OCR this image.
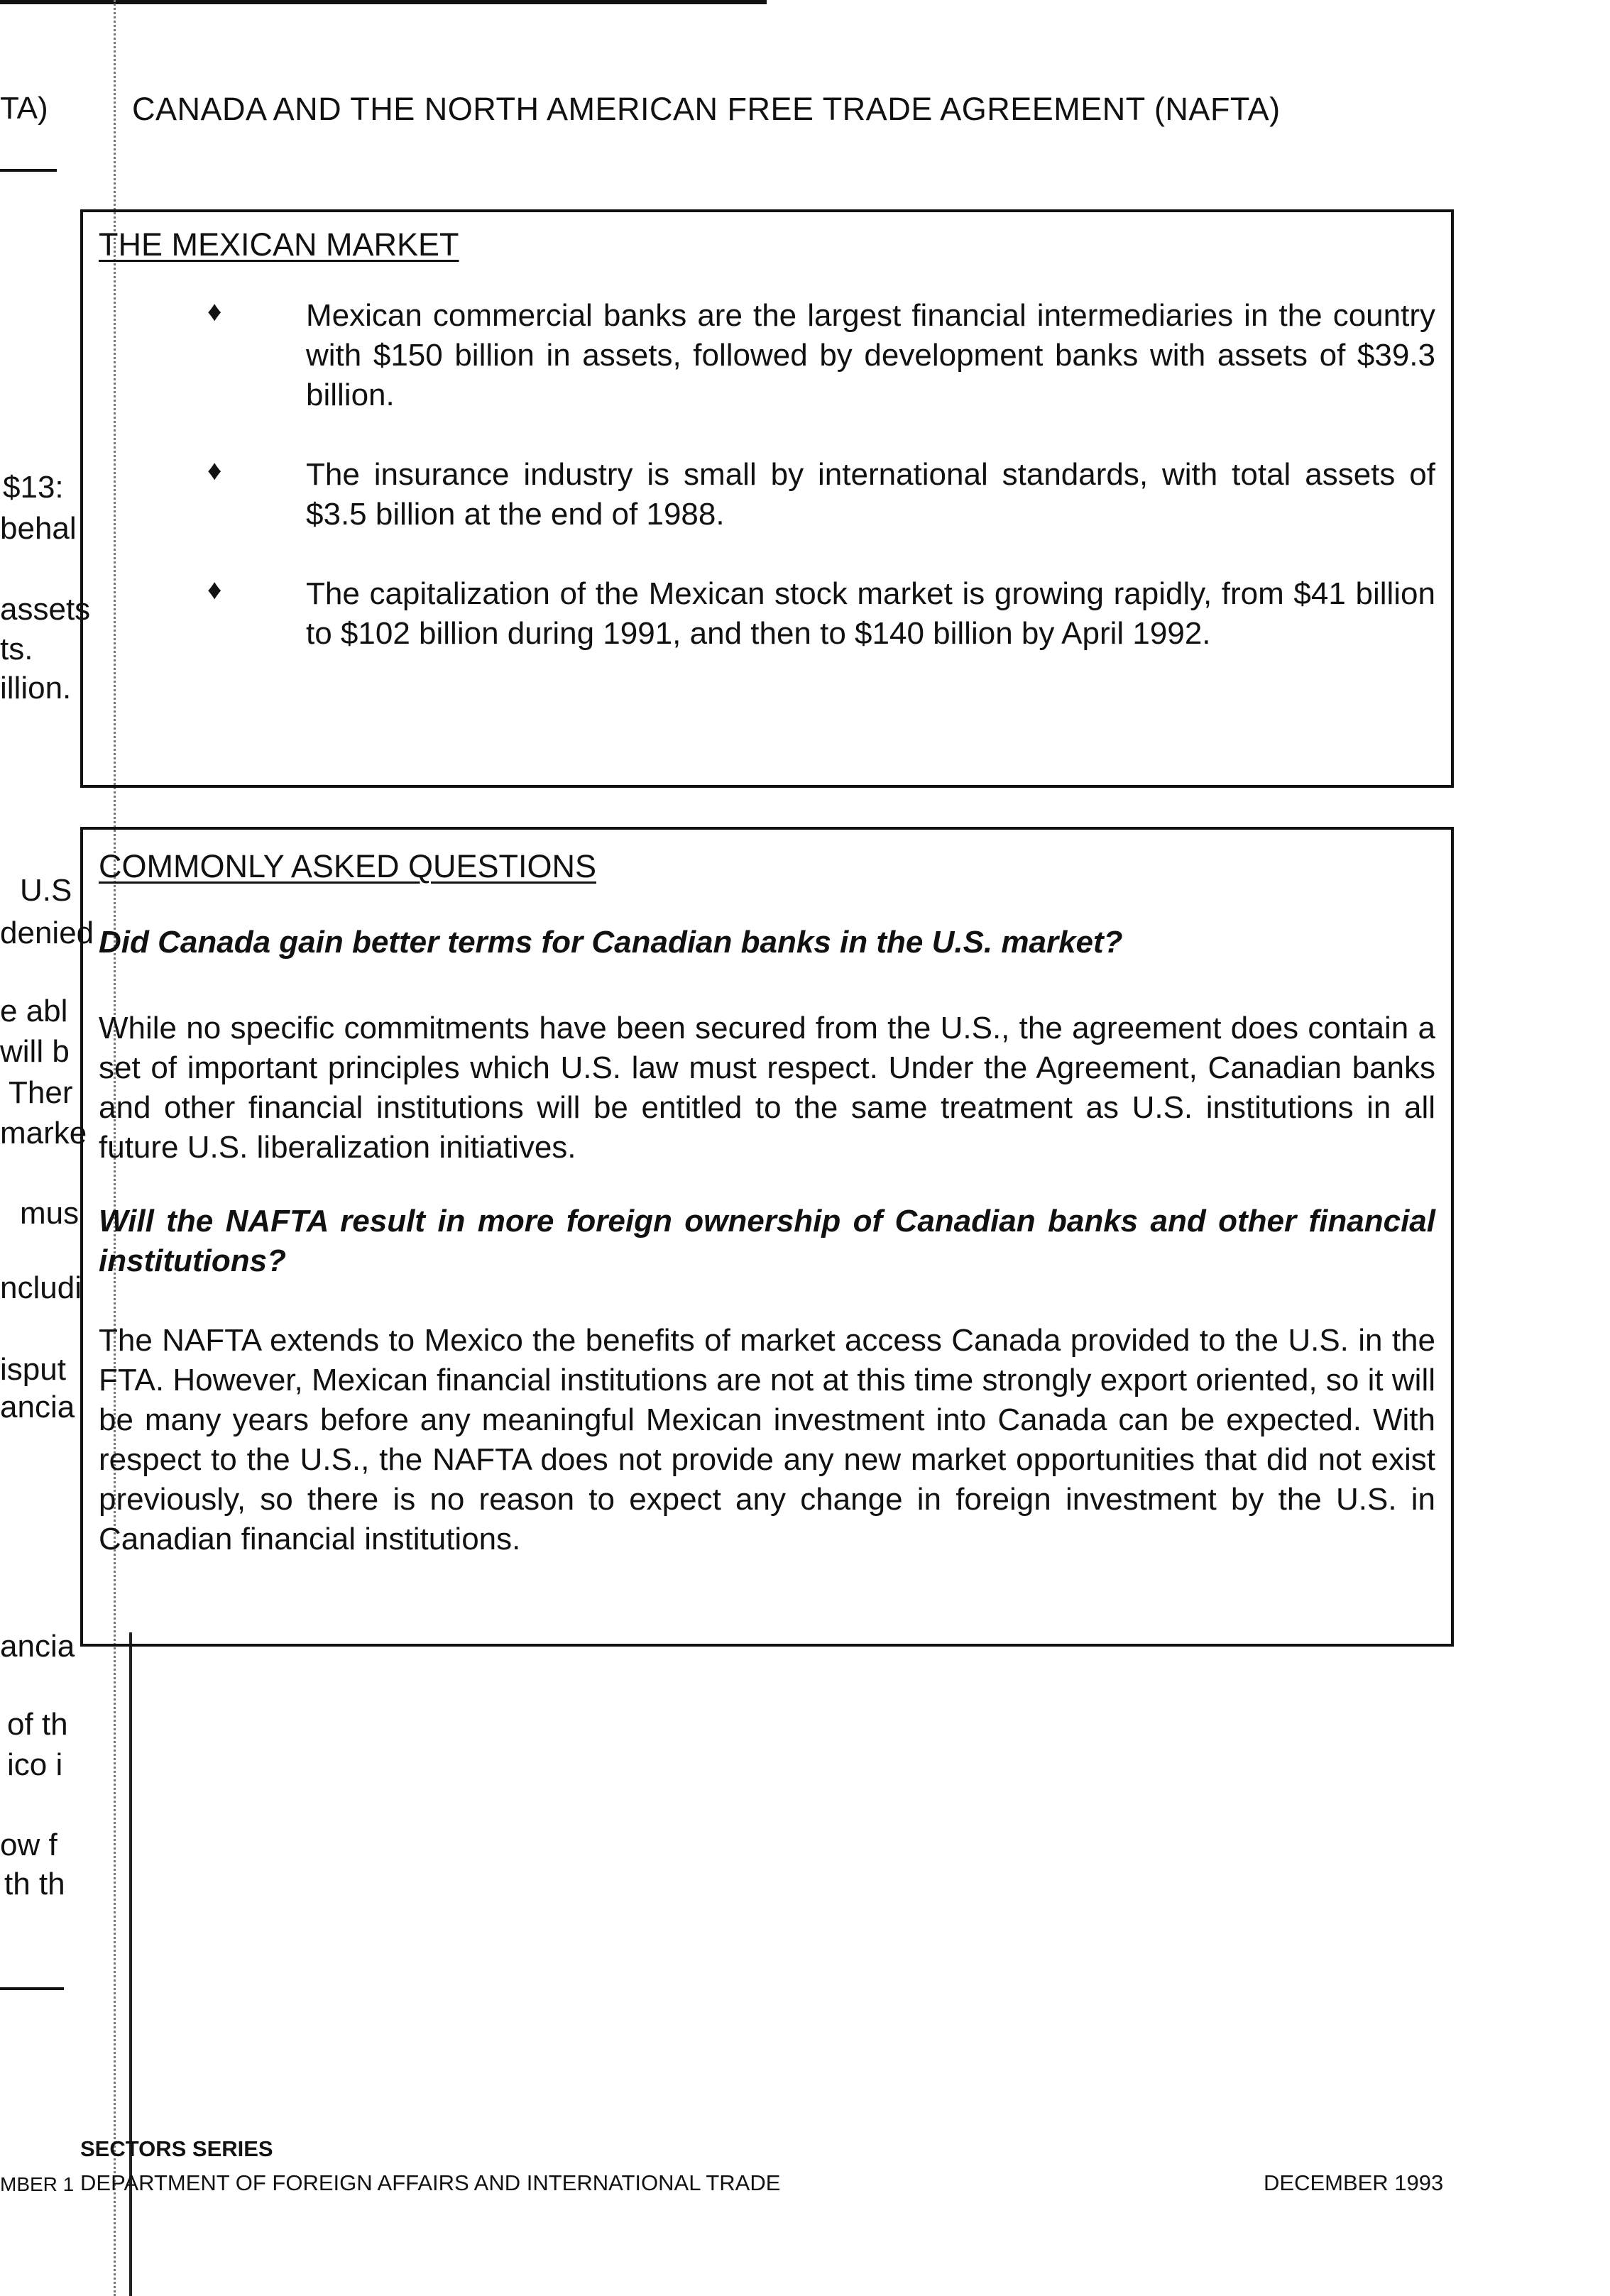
TA)
$13:
behal
assets
ts.
illion.
U.S
denied
e abl
will b
Ther
marke
mus
ncludi
isput
ancia
ancia
of th
ico i
ow f
th th
MBER 1
CANADA AND THE NORTH AMERICAN FREE TRADE AGREEMENT (NAFTA)
THE MEXICAN MARKET
♦	Mexican commercial banks are the largest financial intermediaries in the country with $150 billion in assets, followed by development banks with assets of $39.3 billion.
♦	The insurance industry is small by international standards, with total assets of $3.5 billion at the end of 1988.
♦	The capitalization of the Mexican stock market is growing rapidly, from $41 billion to $102 billion during 1991, and then to $140 billion by April 1992.
COMMONLY ASKED QUESTIONS
Did Canada gain better terms for Canadian banks in the U.S. market?
While no specific commitments have been secured from the U.S., the agreement does contain a set of important principles which U.S. law must respect. Under the Agreement, Canadian banks and other financial institutions will be entitled to the same treatment as U.S. institutions in all future U.S. liberalization initiatives.
Will the NAFTA result in more foreign ownership of Canadian banks and other financial institutions?
The NAFTA extends to Mexico the benefits of market access Canada provided to the U.S. in the FTA. However, Mexican financial institutions are not at this time strongly export oriented, so it will be many years before any meaningful Mexican investment into Canada can be expected. With respect to the U.S., the NAFTA does not provide any new market opportunities that did not exist previously, so there is no reason to expect any change in foreign investment by the U.S. in Canadian financial institutions.
SECTORS SERIES
DEPARTMENT OF FOREIGN AFFAIRS AND INTERNATIONAL TRADE	DECEMBER 1993
